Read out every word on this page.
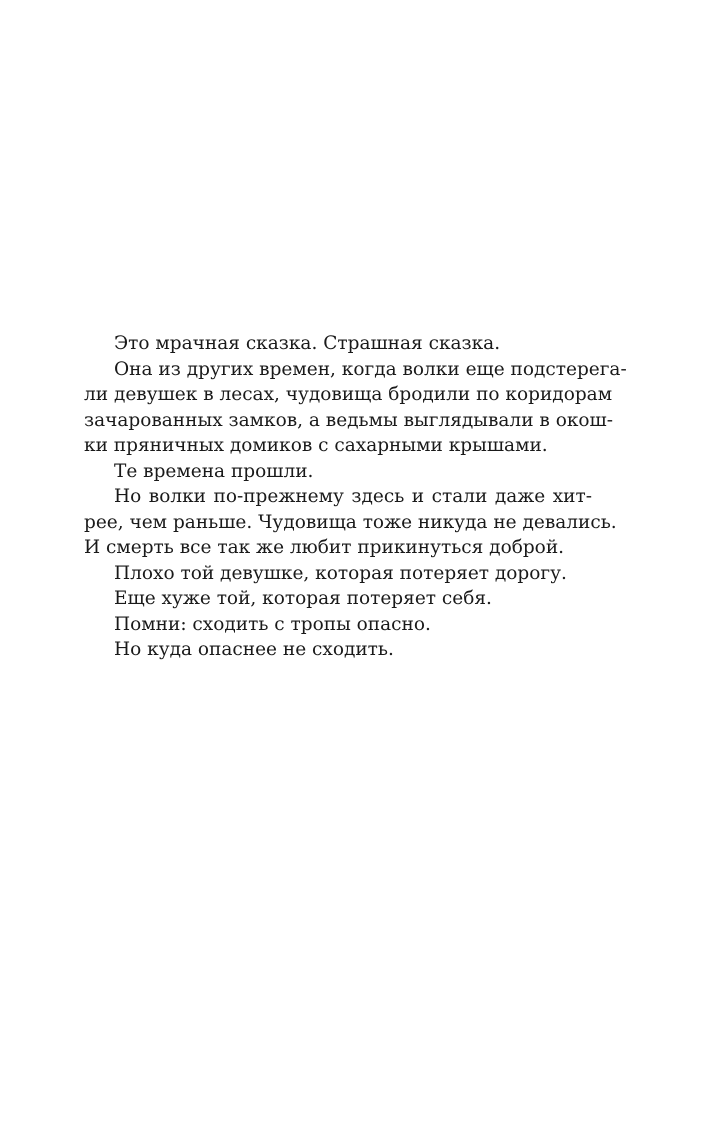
Это мрачная сказка. Страшная сказка.
Она из других времен, когда волки еще подстерега-
ли девушек в лесах, чудовища бродили по коридорам
зачарованных замков, а ведьмы выглядывали в окош-
ки пряничных домиков с сахарными крышами.
Те времена прошли.
Но волки по-прежнему здесь и стали даже хит-
рее, чем раньше. Чудовища тоже никуда не девались.
И смерть все так же любит прикинуться доброй.
Плохо той девушке, которая потеряет дорогу.
Еще хуже той, которая потеряет себя.
Помни: сходить с тропы опасно.
Но куда опаснее не сходить.
